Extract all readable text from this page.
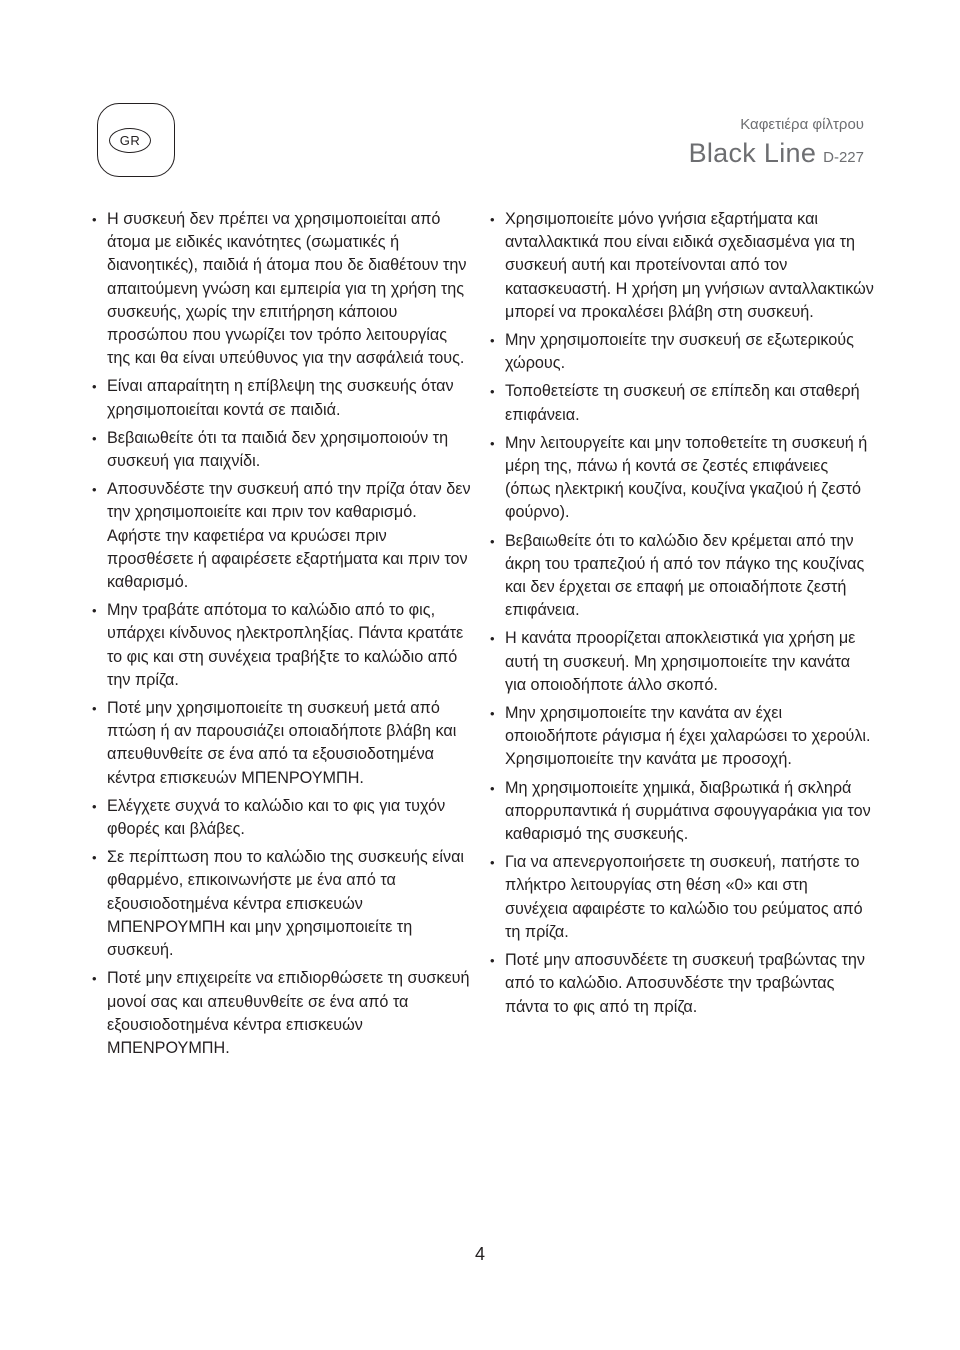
GR
Καφετιέρα φίλτρου
Black Line D-227
• Η συσκευή δεν πρέπει να χρησιμοποιείται από άτομα με ειδικές ικανότητες (σωματικές ή διανοητικές), παιδιά ή άτομα που δε διαθέτουν την απαιτούμενη γνώση και εμπειρία για τη χρήση της συσκευής, χωρίς την επιτήρηση κάποιου προσώπου που γνωρίζει τον τρόπο λειτουργίας της και θα είναι υπεύθυνος για την ασφάλειά τους.
• Είναι απαραίτητη η επίβλεψη της συσκευής όταν χρησιμοποιείται κοντά σε παιδιά.
• Βεβαιωθείτε ότι τα παιδιά δεν χρησιμοποιούν τη συσκευή για παιχνίδι.
• Αποσυνδέστε την συσκευή από την πρίζα όταν δεν την χρησιμοποιείτε και πριν τον καθαρισμό. Αφήστε την καφετιέρα να κρυώσει πριν προσθέσετε ή αφαιρέσετε εξαρτήματα και πριν τον καθαρισμό.
• Μην τραβάτε απότομα το καλώδιο από το φις, υπάρχει κίνδυνος ηλεκτροπληξίας. Πάντα κρατάτε το φις και στη συνέχεια τραβήξτε το καλώδιο από την πρίζα.
• Ποτέ μην χρησιμοποιείτε τη συσκευή μετά από πτώση ή αν παρουσιάζει οποιαδήποτε βλάβη και απευθυνθείτε σε ένα από τα εξουσιοδοτημένα κέντρα επισκευών ΜΠΕΝΡΟΥΜΠΗ.
• Ελέγχετε συχνά το καλώδιο και το φις για τυχόν φθορές και βλάβες.
• Σε περίπτωση που το καλώδιο της συσκευής είναι φθαρμένο, επικοινωνήστε με ένα από τα εξουσιοδοτημένα κέντρα επισκευών ΜΠΕΝΡΟΥΜΠΗ και μην χρησιμοποιείτε τη συσκευή.
• Ποτέ μην επιχειρείτε να επιδιορθώσετε τη συσκευή μονοί σας και απευθυνθείτε σε ένα από τα εξουσιοδοτημένα κέντρα επισκευών ΜΠΕΝΡΟΥΜΠΗ.
• Χρησιμοποιείτε μόνο γνήσια εξαρτήματα και ανταλλακτικά που είναι ειδικά σχεδιασμένα για τη συσκευή αυτή και προτείνονται από τον κατασκευαστή. Η χρήση μη γνήσιων ανταλλακτικών μπορεί να προκαλέσει βλάβη στη συσκευή.
• Μην χρησιμοποιείτε την συσκευή σε εξωτερικούς χώρους.
• Τοποθετείστε τη συσκευή σε επίπεδη και σταθερή επιφάνεια.
• Μην λειτουργείτε και μην τοποθετείτε τη συσκευή ή μέρη της, πάνω ή κοντά σε ζεστές επιφάνειες (όπως ηλεκτρική κουζίνα, κουζίνα γκαζιού ή ζεστό φούρνο).
• Βεβαιωθείτε ότι το καλώδιο δεν κρέμεται από την άκρη του τραπεζιού ή από τον πάγκο της κουζίνας και δεν έρχεται σε επαφή με οποιαδήποτε ζεστή επιφάνεια.
• Η κανάτα προορίζεται αποκλειστικά για χρήση με αυτή τη συσκευή. Μη χρησιμοποιείτε την κανάτα για οποιοδήποτε άλλο σκοπό.
• Μην χρησιμοποιείτε την κανάτα αν έχει οποιοδήποτε ράγισμα ή έχει χαλαρώσει το χερούλι. Χρησιμοποιείτε την κανάτα με προσοχή.
• Μη χρησιμοποιείτε χημικά, διαβρωτικά ή σκληρά απορρυπαντικά ή συρμάτινα σφουγγαράκια για τον καθαρισμό της συσκευής.
• Για να απενεργοποιήσετε τη συσκευή, πατήστε το πλήκτρο λειτουργίας στη θέση «0» και στη συνέχεια αφαιρέστε το καλώδιο του ρεύματος από τη πρίζα.
• Ποτέ μην αποσυνδέετε τη συσκευή τραβώντας την από το καλώδιο. Αποσυνδέστε την τραβώντας πάντα το φις από τη πρίζα.
4
